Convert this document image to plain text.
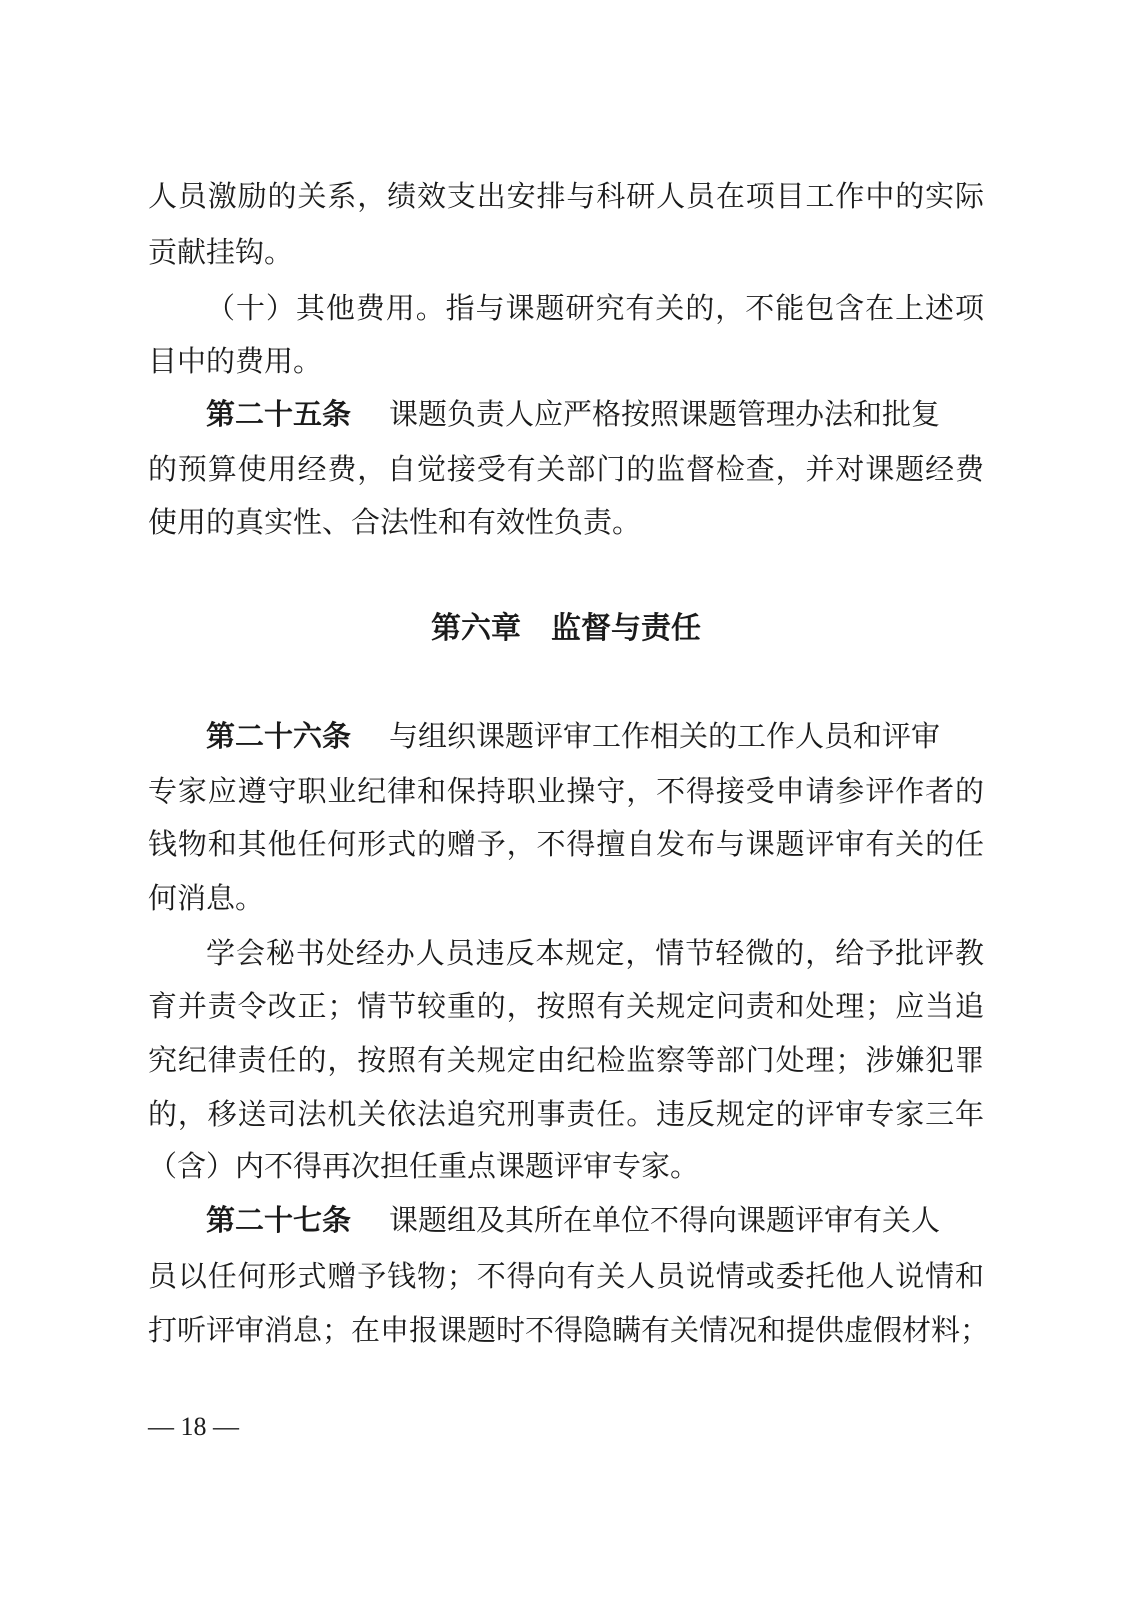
人员激励的关系，绩效支出安排与科研人员在项目工作中的实际
贡献挂钩。
（十）其他费用。指与课题研究有关的，不能包含在上述项
目中的费用。
第二十五条 课题负责人应严格按照课题管理办法和批复
的预算使用经费，自觉接受有关部门的监督检查，并对课题经费
使用的真实性、合法性和有效性负责。
第六章　监督与责任
第二十六条 与组织课题评审工作相关的工作人员和评审
专家应遵守职业纪律和保持职业操守，不得接受申请参评作者的
钱物和其他任何形式的赠予，不得擅自发布与课题评审有关的任
何消息。
学会秘书处经办人员违反本规定，情节轻微的，给予批评教
育并责令改正；情节较重的，按照有关规定问责和处理；应当追
究纪律责任的，按照有关规定由纪检监察等部门处理；涉嫌犯罪
的，移送司法机关依法追究刑事责任。违反规定的评审专家三年
（含）内不得再次担任重点课题评审专家。
第二十七条 课题组及其所在单位不得向课题评审有关人
员以任何形式赠予钱物；不得向有关人员说情或委托他人说情和
打听评审消息；在申报课题时不得隐瞒有关情况和提供虚假材料；
— 18 —
